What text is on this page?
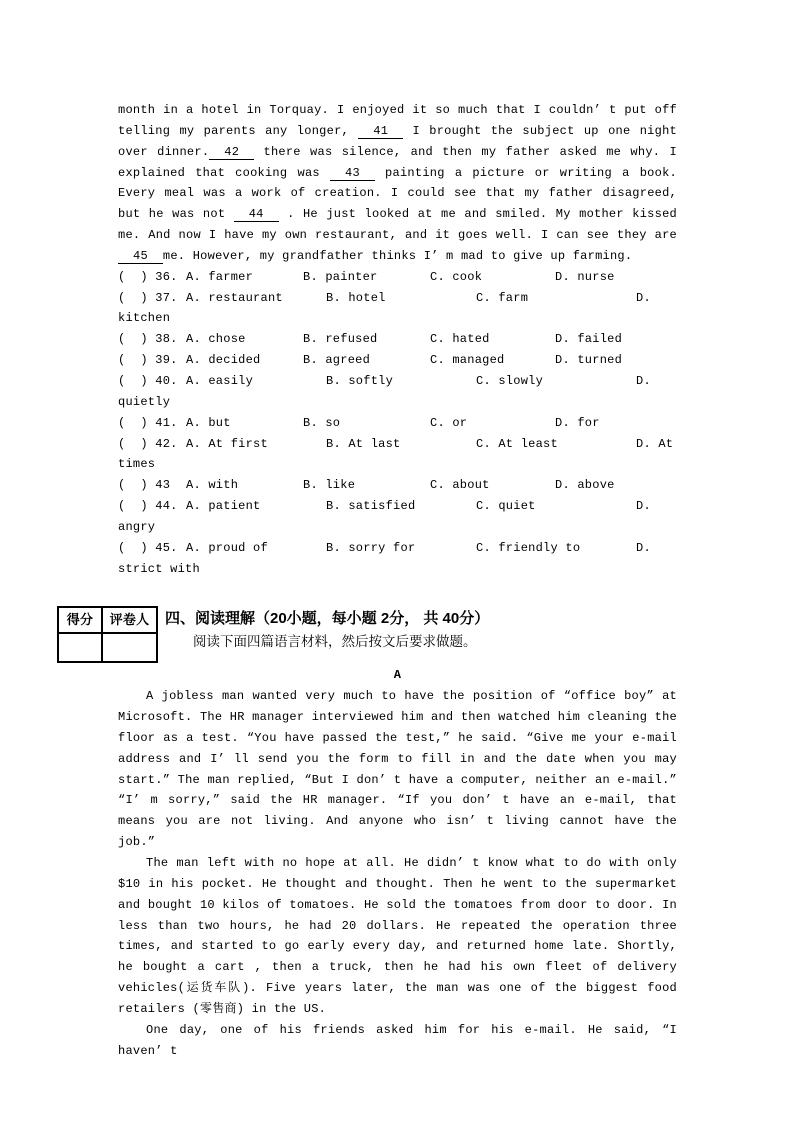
month in a hotel in Torquay. I enjoyed it so much that I couldn’ t put off telling my parents any longer, 41 I brought the subject up one night over dinner. 42 there was silence, and then my father asked me why. I explained that cooking was 43 painting a picture or writing a book. Every meal was a work of creation. I could see that my father disagreed, but he was not 44 . He just looked at me and smiled. My mother kissed me. And now I have my own restaurant, and it goes well. I can see they are 45 me. However, my grandfather thinks I’ m mad to give up farming.
(  ) 36. A. farmer	B. painter	C. cook	D. nurse
(  ) 37. A. restaurant	B. hotel	C. farm	D.
kitchen
(  ) 38. A. chose	B. refused	C. hated	D. failed
(  ) 39. A. decided	B. agreed	C. managed	D. turned
(  ) 40. A. easily	B. softly	C. slowly	D.
quietly
(  ) 41. A. but	B. so	C. or	D. for
(  ) 42. A. At first	B. At last	C. At least	D. At
times
(  ) 43	A. with	B. like	C. about	D. above
(  ) 44. A. patient	B. satisfied	C. quiet	D.
angry
(  ) 45. A. proud of	B. sorry for	C. friendly to	D.
strict with
得分	评卷人
	四、阅读理解（20小题，每小题 2分， 共 40分）
阅读下面四篇语言材料，然后按文后要求做题。
A

A jobless man wanted very much to have the position of “office boy” at Microsoft. The HR manager interviewed him and then watched him cleaning the floor as a test. “You have passed the test,” he said. “Give me your e-mail address and I’ ll send you the form to fill in and the date when you may start.” The man replied, “But I don’ t have a computer, neither an e-mail.” “I’ m sorry,” said the HR manager. “If you don’ t have an e-mail, that means you are not living. And anyone who isn’ t living cannot have the job.”

The man left with no hope at all. He didn’ t know what to do with only $10 in his pocket. He thought and thought. Then he went to the supermarket and bought 10 kilos of tomatoes. He sold the tomatoes from door to door. In less than two hours, he had 20 dollars. He repeated the operation three times, and started to go early every day, and returned home late. Shortly, he bought a cart , then a truck, then he had his own fleet of delivery vehicles(运货车队). Five years later, the man was one of the biggest food retailers (零售商) in the US.

One day, one of his friends asked him for his e-mail. He said, “I haven’ t
